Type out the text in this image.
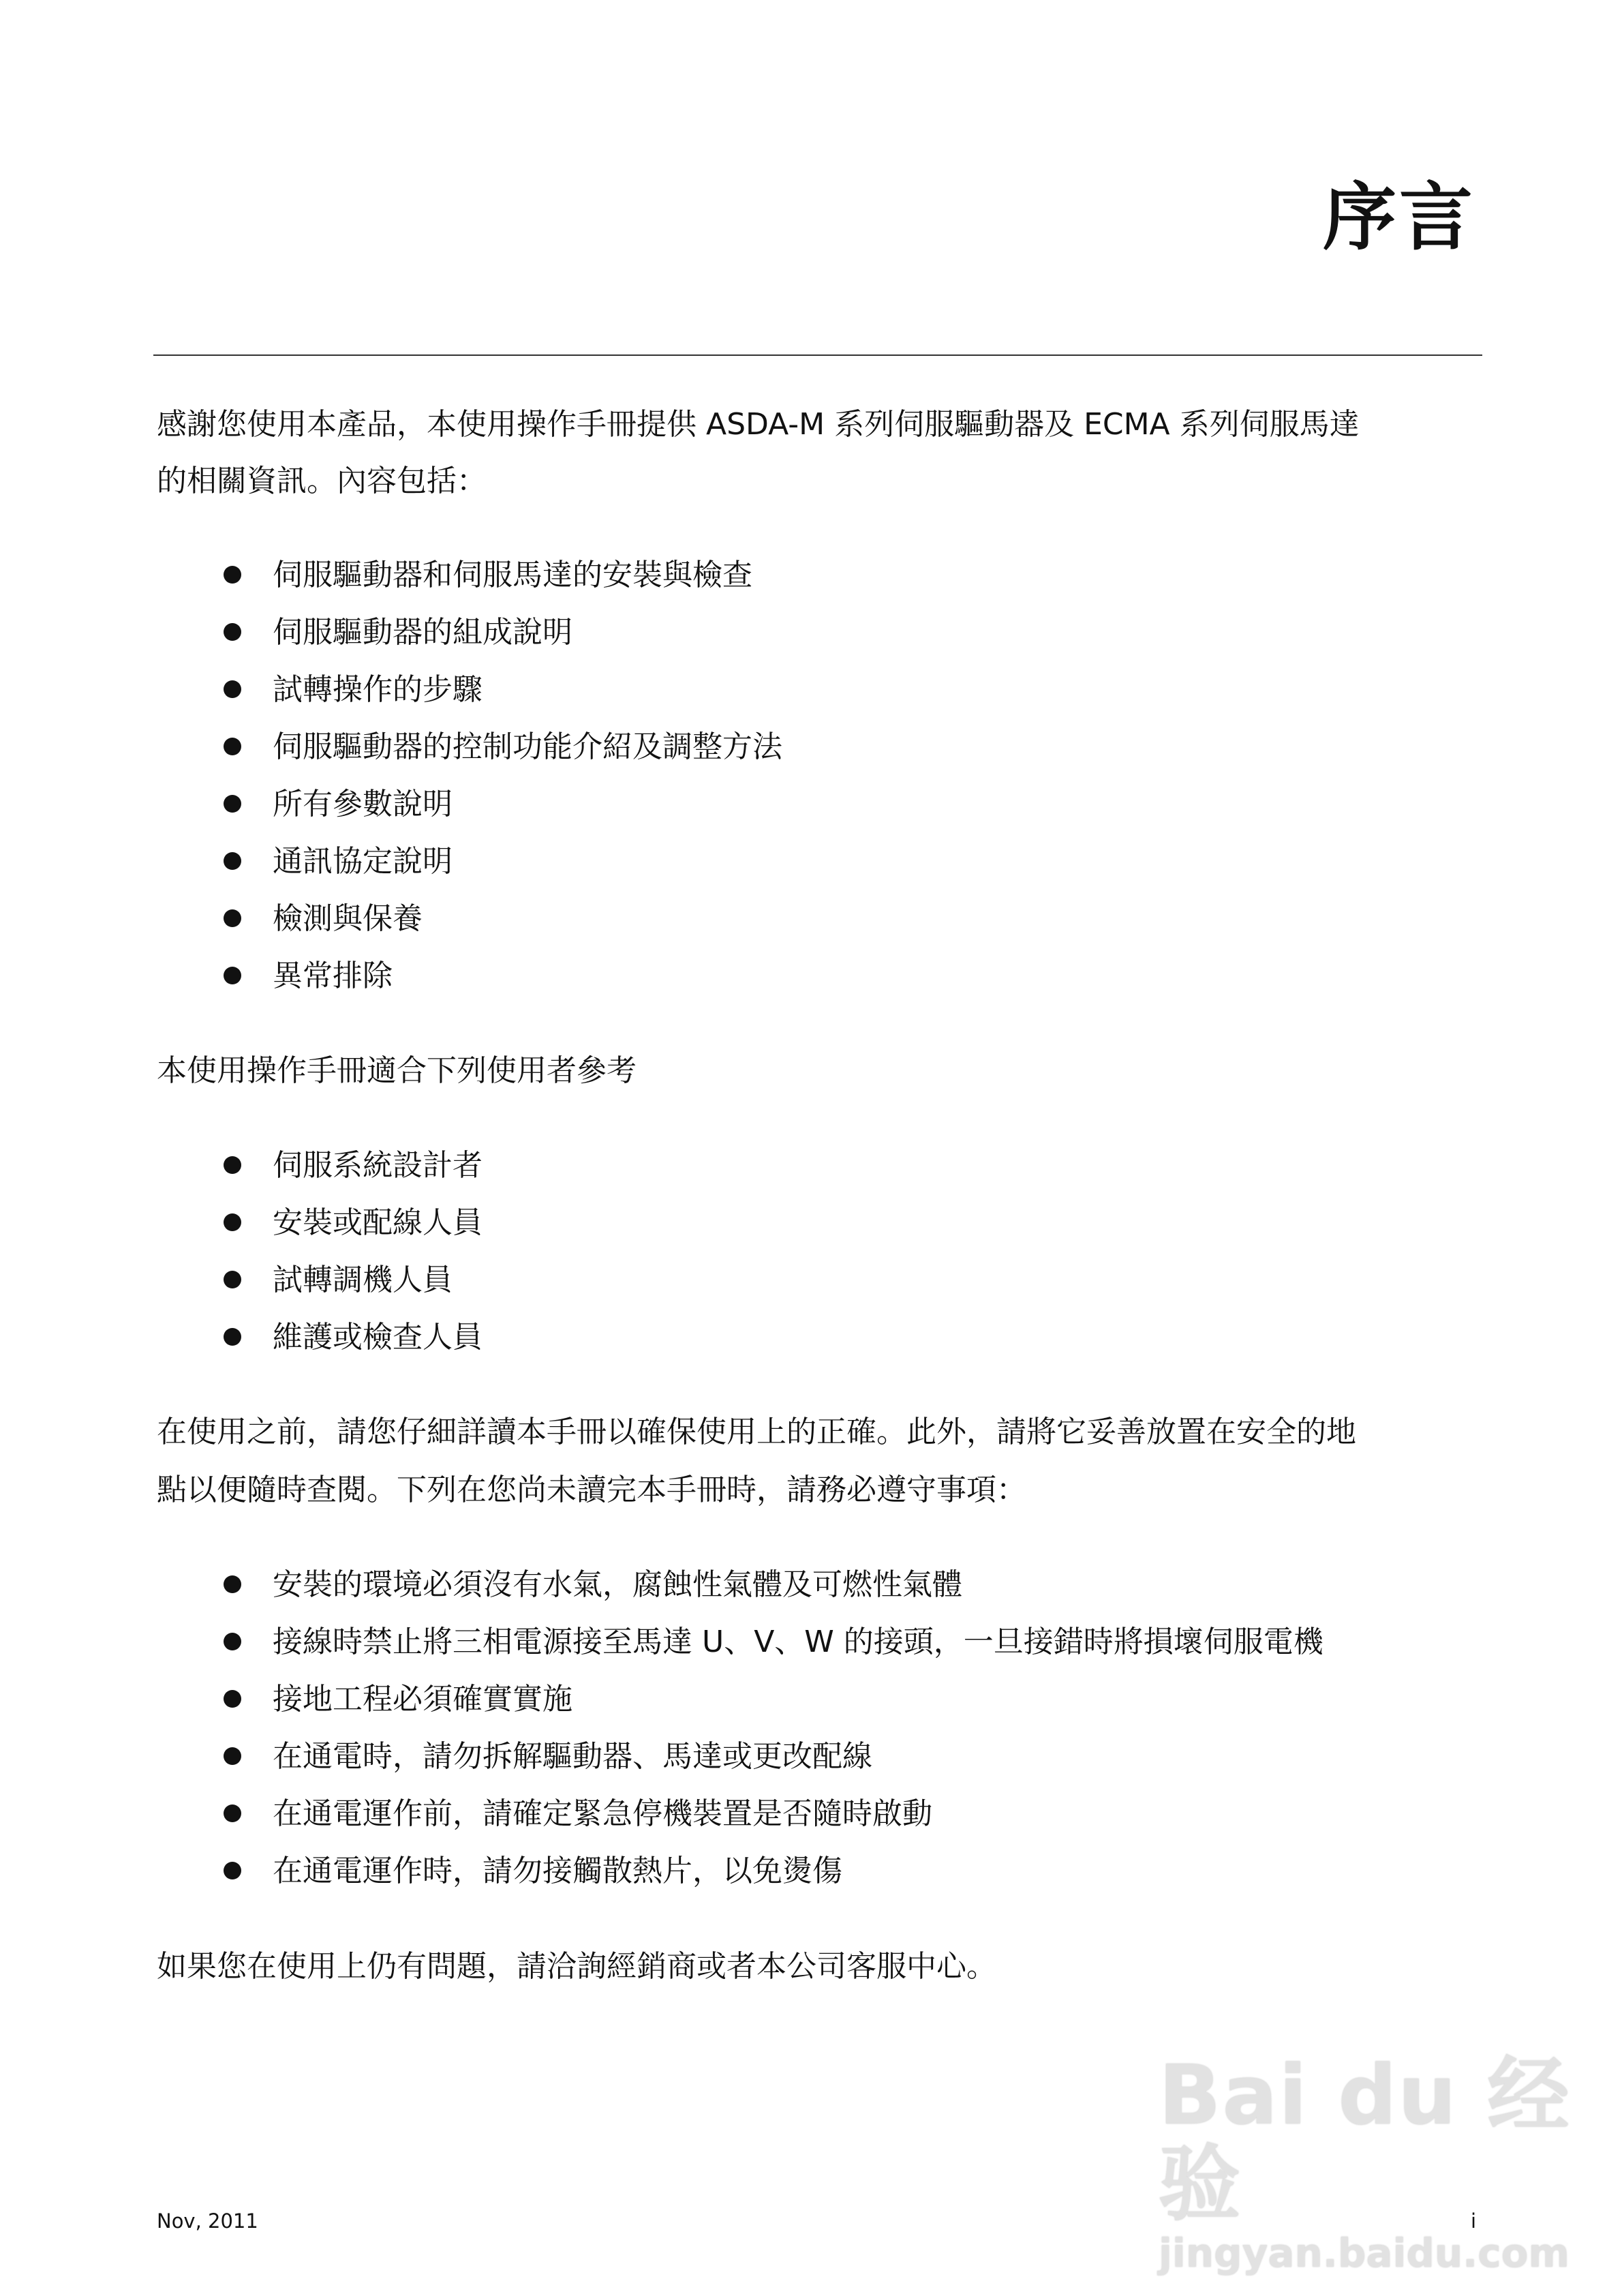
序言
感謝您使用本產品，本使用操作手冊提供 ASDA-M 系列伺服驅動器及 ECMA 系列伺服馬達
的相關資訊。內容包括：
伺服驅動器和伺服馬達的安裝與檢查
伺服驅動器的組成說明
試轉操作的步驟
伺服驅動器的控制功能介紹及調整方法
所有參數說明
通訊協定說明
檢測與保養
異常排除
本使用操作手冊適合下列使用者參考
伺服系統設計者
安裝或配線人員
試轉調機人員
維護或檢查人員
在使用之前，請您仔細詳讀本手冊以確保使用上的正確。此外，請將它妥善放置在安全的地
點以便隨時查閱。下列在您尚未讀完本手冊時，請務必遵守事項：
安裝的環境必須沒有水氣，腐蝕性氣體及可燃性氣體
接線時禁止將三相電源接至馬達 U、V、W 的接頭，一旦接錯時將損壞伺服電機
接地工程必須確實實施
在通電時，請勿拆解驅動器、馬達或更改配線
在通電運作前，請確定緊急停機裝置是否隨時啟動
在通電運作時，請勿接觸散熱片，以免燙傷
如果您在使用上仍有問題，請洽詢經銷商或者本公司客服中心。
Bai du 经验
jingyan.baidu.com
Nov, 2011	i
